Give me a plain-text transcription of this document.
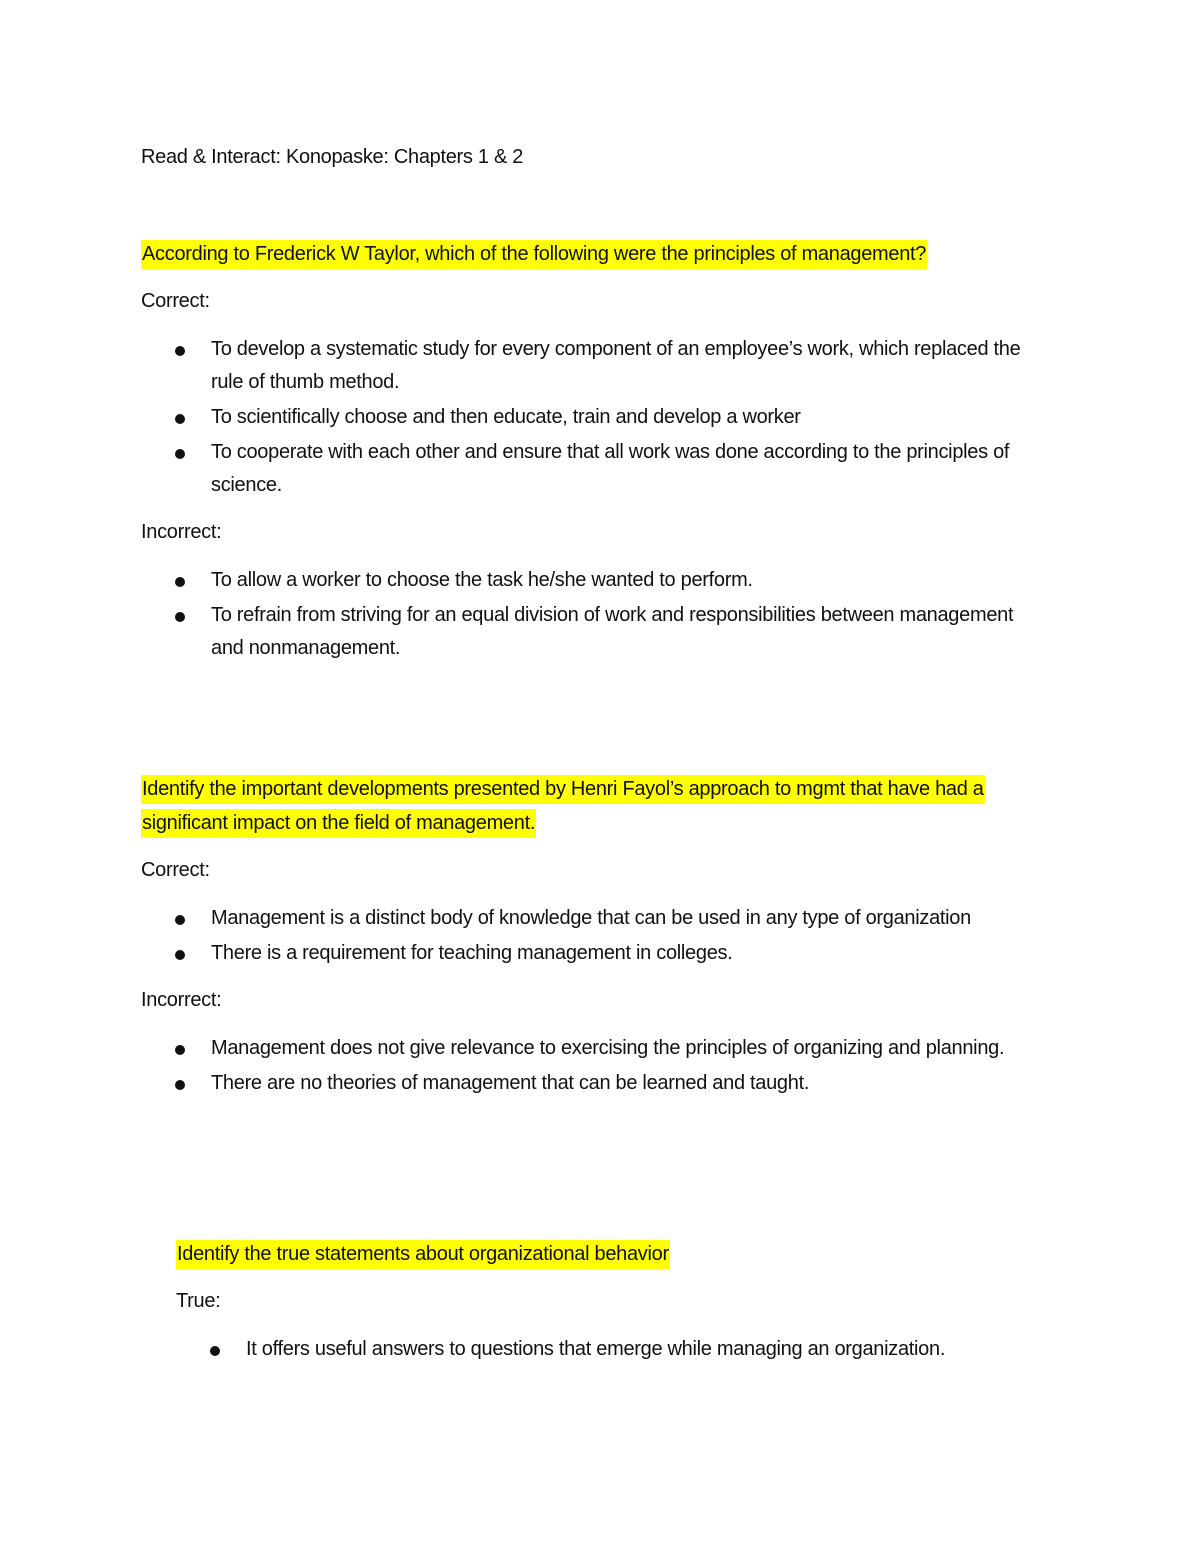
Read & Interact: Konopaske: Chapters 1 & 2

According to Frederick W Taylor, which of the following were the principles of management?

Correct:

To develop a systematic study for every component of an employee’s work, which replaced the rule of thumb method.
To scientifically choose and then educate, train and develop a worker
To cooperate with each other and ensure that all work was done according to the principles of science.

Incorrect:

To allow a worker to choose the task he/she wanted to perform.
To refrain from striving for an equal division of work and responsibilities between management and nonmanagement.

Identify the important developments presented by Henri Fayol’s approach to mgmt that have had a significant impact on the field of management.

Correct:

Management is a distinct body of knowledge that can be used in any type of organization
There is a requirement for teaching management in colleges.

Incorrect:

Management does not give relevance to exercising the principles of organizing and planning.
There are no theories of management that can be learned and taught.

Identify the true statements about organizational behavior

True:

It offers useful answers to questions that emerge while managing an organization.
